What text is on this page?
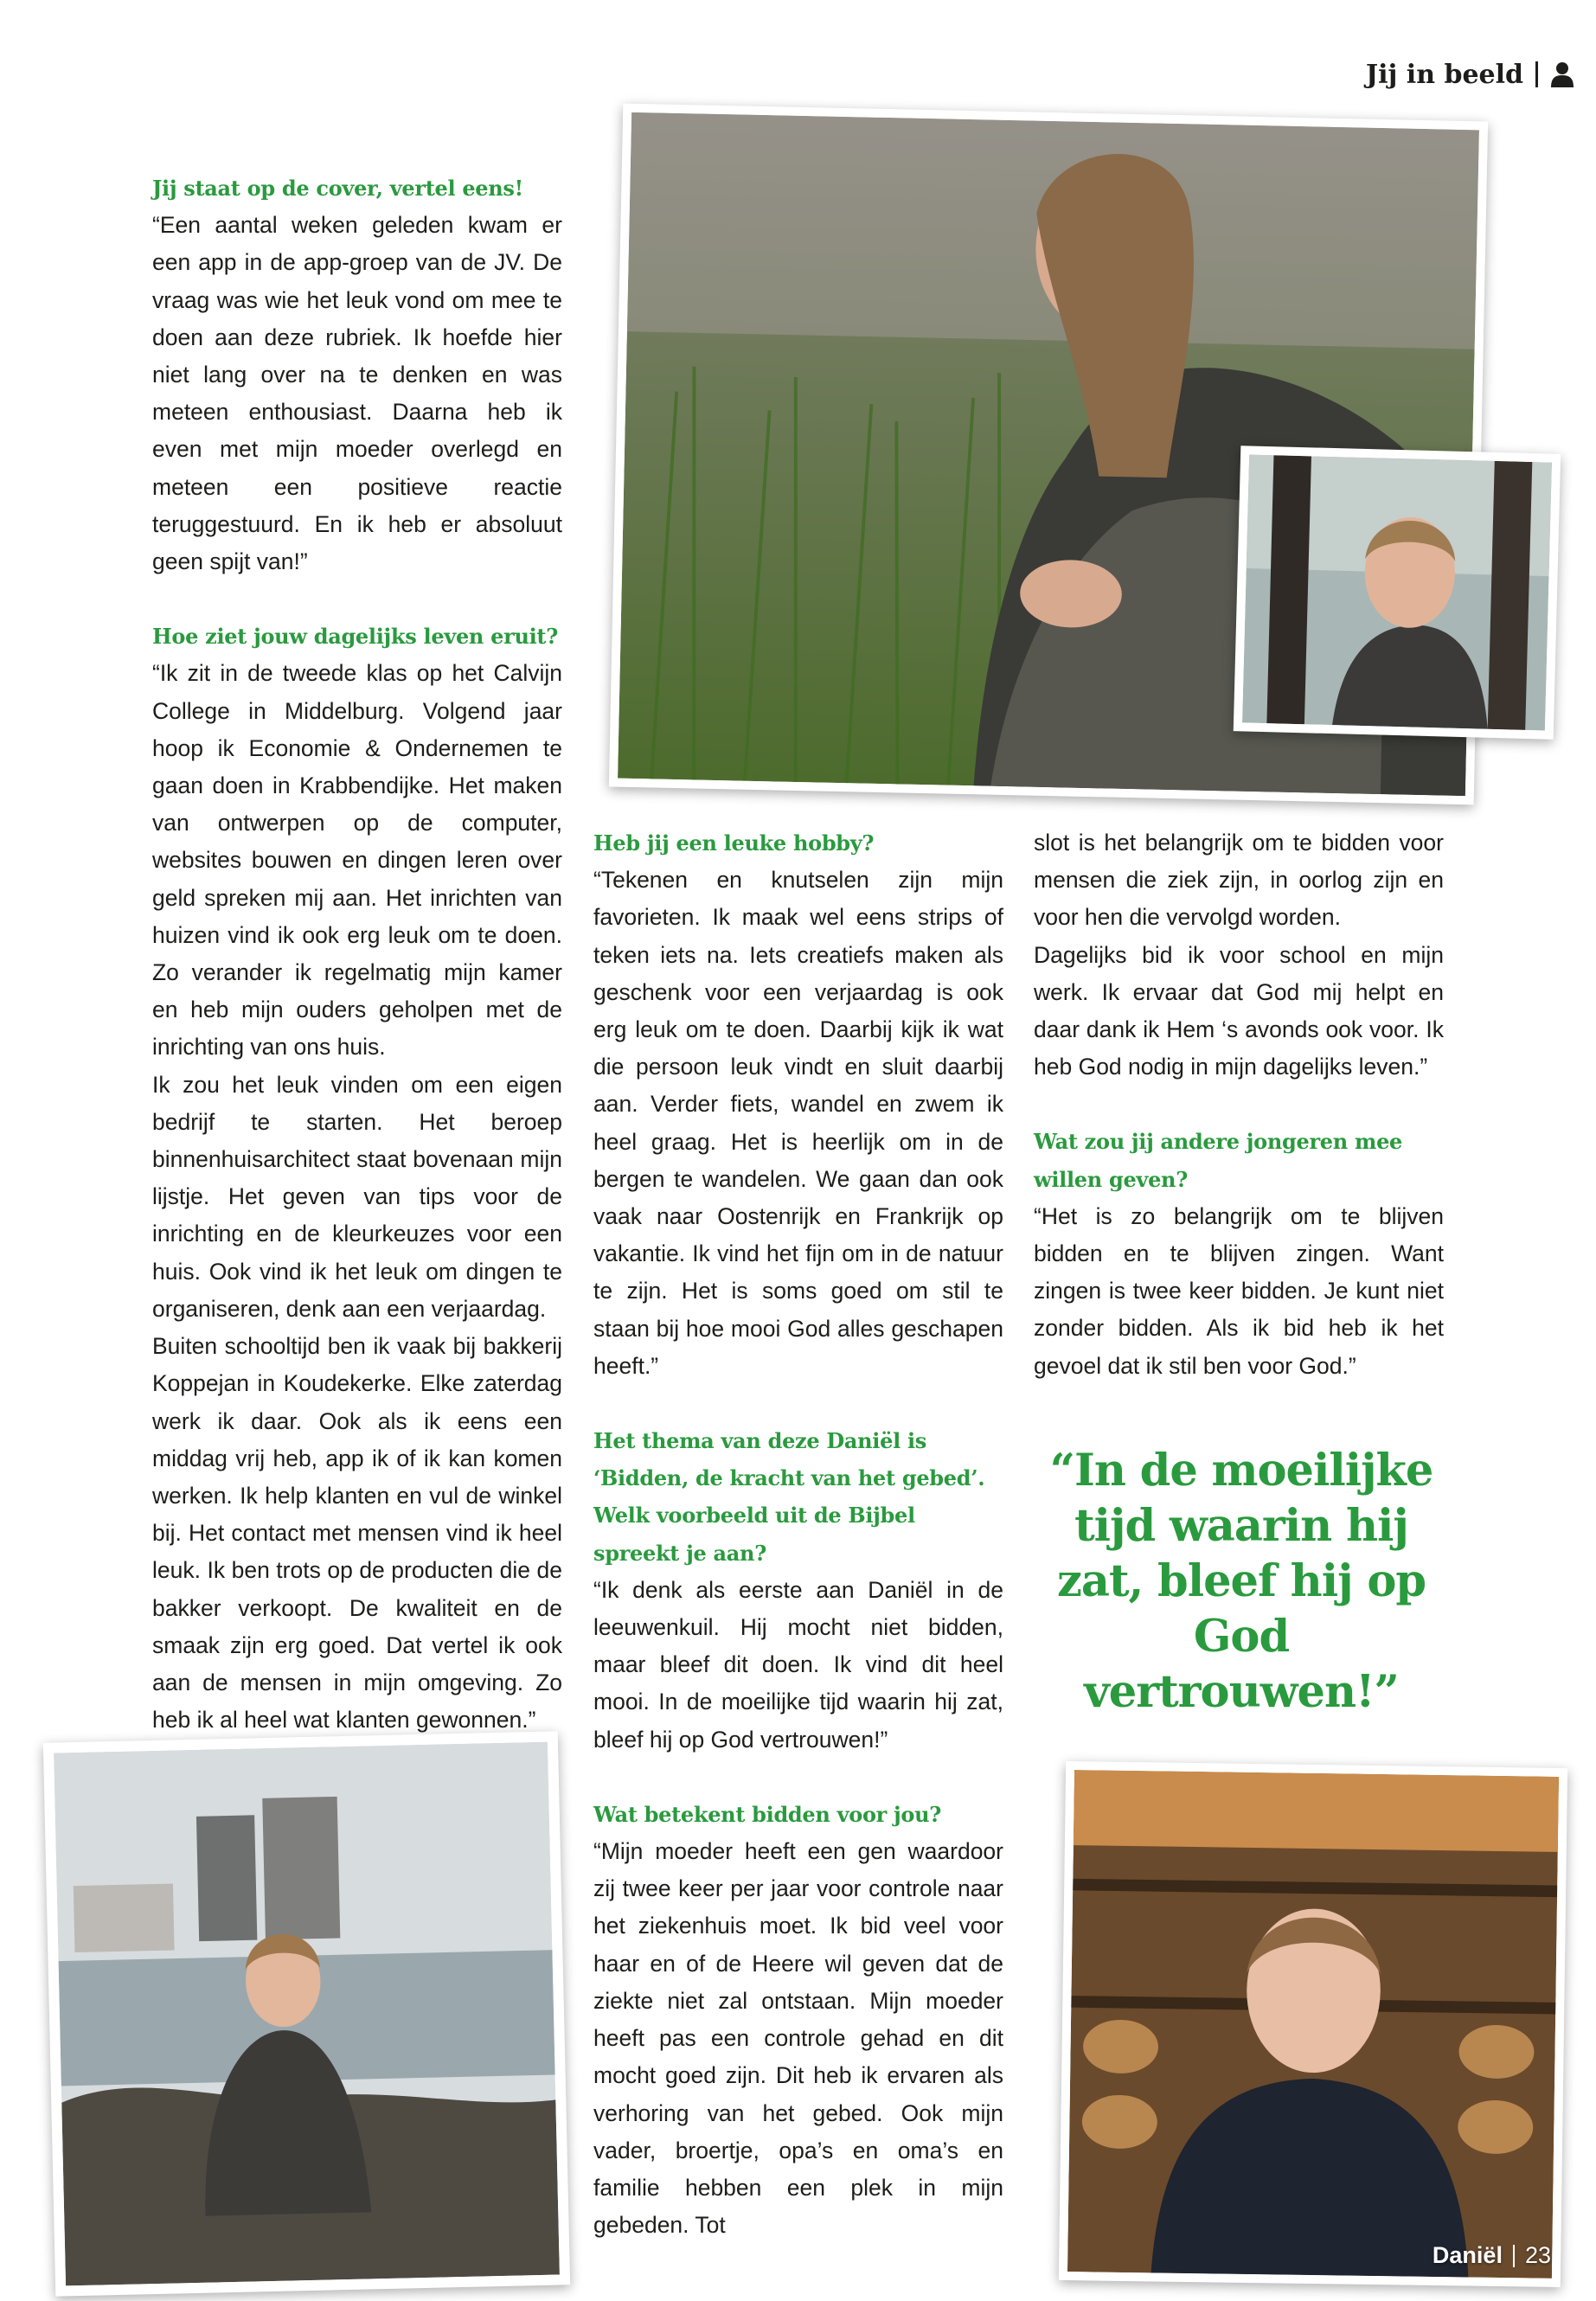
Jij in beeld

Jij staat op de cover, vertel eens!

“Een aantal weken geleden kwam er een app in de app-groep van de JV. De vraag was wie het leuk vond om mee te doen aan deze rubriek. Ik hoefde hier niet lang over na te denken en was meteen enthousiast. Daarna heb ik even met mijn moeder overlegd en meteen een positieve reactie teruggestuurd. En ik heb er absoluut geen spijt van!”

Hoe ziet jouw dagelijks leven eruit?

“Ik zit in de tweede klas op het Calvijn College in Middelburg. Volgend jaar hoop ik Economie & Ondernemen te gaan doen in Krabbendijke. Het maken van ontwerpen op de computer, websites bouwen en dingen leren over geld spreken mij aan. Het inrichten van huizen vind ik ook erg leuk om te doen. Zo verander ik regelmatig mijn kamer en heb mijn ouders geholpen met de inrichting van ons huis.

Ik zou het leuk vinden om een eigen bedrijf te starten. Het beroep binnenhuisarchitect staat bovenaan mijn lijstje. Het geven van tips voor de inrichting en de kleurkeuzes voor een huis. Ook vind ik het leuk om dingen te organiseren, denk aan een verjaardag.

Buiten schooltijd ben ik vaak bij bakkerij Koppejan in Koudekerke. Elke zaterdag werk ik daar. Ook als ik eens een middag vrij heb, app ik of ik kan komen werken. Ik help klanten en vul de winkel bij. Het contact met mensen vind ik heel leuk. Ik ben trots op de producten die de bakker verkoopt. De kwaliteit en de smaak zijn erg goed. Dat vertel ik ook aan de mensen in mijn omgeving. Zo heb ik al heel wat klanten gewonnen.”

Heb jij een leuke hobby?

“Tekenen en knutselen zijn mijn favorieten. Ik maak wel eens strips of teken iets na. Iets creatiefs maken als geschenk voor een verjaardag is ook erg leuk om te doen. Daarbij kijk ik wat die persoon leuk vindt en sluit daarbij aan. Verder fiets, wandel en zwem ik heel graag. Het is heerlijk om in de bergen te wandelen. We gaan dan ook vaak naar Oostenrijk en Frankrijk op vakantie. Ik vind het fijn om in de natuur te zijn. Het is soms goed om stil te staan bij hoe mooi God alles geschapen heeft.”

Het thema van deze Daniël is ‘Bidden, de kracht van het gebed’. Welk voorbeeld uit de Bijbel spreekt je aan?

“Ik denk als eerste aan Daniël in de leeuwenkuil. Hij mocht niet bidden, maar bleef dit doen. Ik vind dit heel mooi. In de moeilijke tijd waarin hij zat, bleef hij op God vertrouwen!”

Wat betekent bidden voor jou?

“Mijn moeder heeft een gen waardoor zij twee keer per jaar voor controle naar het ziekenhuis moet. Ik bid veel voor haar en of de Heere wil geven dat de ziekte niet zal ontstaan. Mijn moeder heeft pas een controle gehad en dit mocht goed zijn. Dit heb ik ervaren als verhoring van het gebed. Ook mijn vader, broertje, opa’s en oma’s en familie hebben een plek in mijn gebeden. Tot

slot is het belangrijk om te bidden voor mensen die ziek zijn, in oorlog zijn en voor hen die vervolgd worden.

Dagelijks bid ik voor school en mijn werk. Ik ervaar dat God mij helpt en daar dank ik Hem ‘s avonds ook voor. Ik heb God nodig in mijn dagelijks leven.”

Wat zou jij andere jongeren mee willen geven?

“Het is zo belangrijk om te blijven bidden en te blijven zingen. Want zingen is twee keer bidden. Je kunt niet zonder bidden. Als ik bid heb ik het gevoel dat ik stil ben voor God.”

“In de moeilijke tijd waarin hij zat, bleef hij op God vertrouwen!”
Daniël 23
